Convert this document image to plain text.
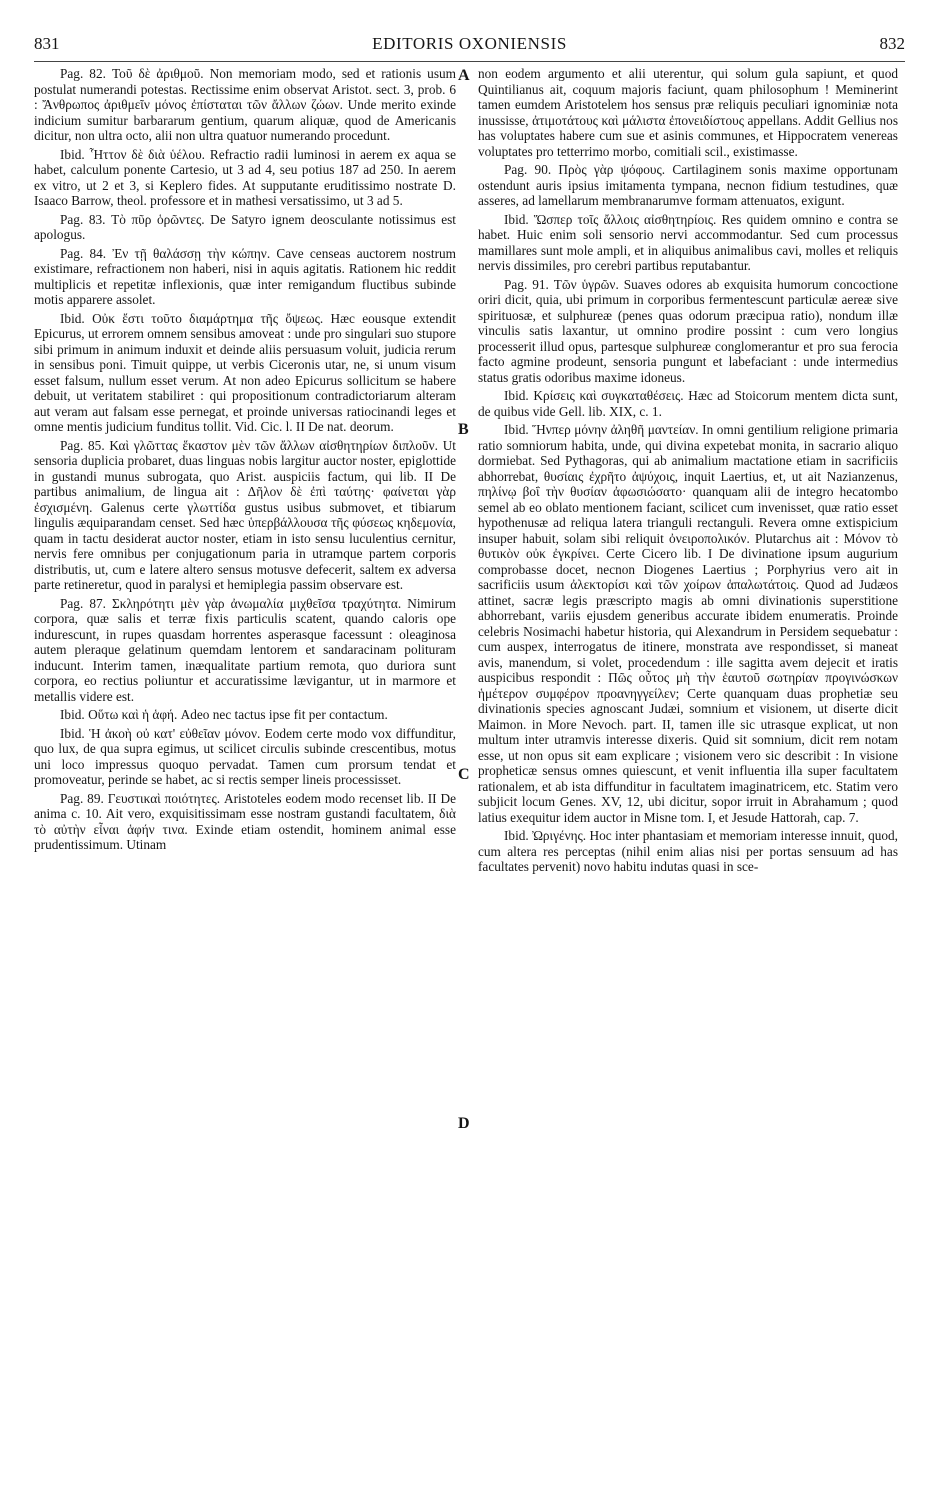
831	EDITORIS OXONIENSIS	832

Pag. 82. Τοῦ δὲ ἀριθμοῦ. Non memoriam modo, sed et rationis usum postulat numerandi potestas. Rectissime enim observat Aristot. sect. 3, prob. 6 : Ἄνθρωπος ἀριθμεῖν μόνος ἐπίσταται τῶν ἄλλων ζώων. Unde merito exinde indicium sumitur barbararum gentium, quarum aliquæ, quod de Americanis dicitur, non ultra octo, alii non ultra quatuor numerando procedunt.

Ibid. Ἧττον δὲ διὰ ὑέλου. Refractio radii luminosi in aerem ex aqua se habet, calculum ponente Cartesio, ut 3 ad 4, seu potius 187 ad 250. In aerem ex vitro, ut 2 et 3, si Keplero fides. At supputante eruditissimo nostrate D. Isaaco Barrow, theol. professore et in mathesi versatissimo, ut 3 ad 5.

Pag. 83. Τὸ πῦρ ὁρῶντες. De Satyro ignem deosculante notissimus est apologus.

Pag. 84. Ἐν τῇ θαλάσσῃ τὴν κώπην. Cave censeas auctorem nostrum existimare, refractionem non haberi, nisi in aquis agitatis. Rationem hic reddit multiplicis et repetitæ inflexionis, quæ inter remigandum fluctibus subinde motis apparere assolet.

Ibid. Οὐκ ἔστι τοῦτο διαμάρτημα τῆς ὄψεως. Hæc eousque extendit Epicurus, ut errorem omnem sensibus amoveat : unde pro singulari suo stupore sibi primum in animum induxit et deinde aliis persuasum voluit, judicia rerum in sensibus poni. Timuit quippe, ut verbis Ciceronis utar, ne, si unum visum esset falsum, nullum esset verum. At non adeo Epicurus sollicitum se habere debuit, ut veritatem stabiliret : qui propositionum contradictoriarum alteram aut veram aut falsam esse pernegat, et proinde universas ratiocinandi leges et omne mentis judicium funditus tollit. Vid. Cic. l. II De nat. deorum.

Pag. 85. Καὶ γλῶττας ἕκαστον μὲν τῶν ἄλλων αἰσθητηρίων διπλοῦν. Ut sensoria duplicia probaret, duas linguas nobis largitur auctor noster, epiglottide in gustandi munus subrogata, quo Arist. auspiciis factum, qui lib. II De partibus animalium, de lingua ait : Δῆλον δὲ ἐπὶ ταύτης· φαίνεται γὰρ ἐσχισμένη. Galenus certe γλωττίδα gustus usibus submovet, et tibiarum lingulis æquiparandam censet. Sed hæc ὑπερβάλλουσα τῆς φύσεως κηδεμονία, quam in tactu desiderat auctor noster, etiam in isto sensu luculentius cernitur, nervis fere omnibus per conjugationum paria in utramque partem corporis distributis, ut, cum e latere altero sensus motusve defecerit, saltem ex adversa parte retineretur, quod in paralysi et hemiplegia passim observare est.

Pag. 87. Σκληρότητι μὲν γὰρ ἀνωμαλία μιχθεῖσα τραχύτητα. Nimirum corpora, quæ salis et terræ fixis particulis scatent, quando caloris ope indurescunt, in rupes quasdam horrentes asperasque facessunt : oleaginosa autem pleraque gelatinum quemdam lentorem et sandaracinam polituram inducunt. Interim tamen, inæqualitate partium remota, quo duriora sunt corpora, eo rectius poliuntur et accuratissime lævigantur, ut in marmore et metallis videre est.

Ibid. Οὕτω καὶ ἡ ἁφή. Adeo nec tactus ipse fit per contactum.

Ibid. Ἡ ἀκοὴ οὐ κατ' εὐθεῖαν μόνον. Eodem certe modo vox diffunditur, quo lux, de qua supra egimus, ut scilicet circulis subinde crescentibus, motus uni loco impressus quoquo pervadat. Tamen cum prorsum tendat et promoveatur, perinde se habet, ac si rectis semper lineis processisset.

Pag. 89. Γευστικαὶ ποιότητες. Aristoteles eodem modo recenset lib. II De anima c. 10. Ait vero, exquisitissimam esse nostram gustandi facultatem, διὰ τὸ αὐτὴν εἶναι ἁφήν τινα. Exinde etiam ostendit, hominem animal esse prudentissimum. Utinam

A
B
C
D

non eodem argumento et alii uterentur, qui solum gula sapiunt, et quod Quintilianus ait, coquum majoris faciunt, quam philosophum ! Meminerint tamen eumdem Aristotelem hos sensus præ reliquis peculiari ignominiæ nota inussisse, ἀτιμοτάτους καὶ μάλιστα ἐπονειδίστους appellans. Addit Gellius nos has voluptates habere cum sue et asinis communes, et Hippocratem venereas voluptates pro tetterrimo morbo, comitiali scil., existimasse.

Pag. 90. Πρὸς γὰρ ψόφους. Cartilaginem sonis maxime opportunam ostendunt auris ipsius imitamenta tympana, necnon fidium testudines, quæ asseres, ad lamellarum membranarumve formam attenuatos, exigunt.

Ibid. Ὥσπερ τοῖς ἄλλοις αἰσθητηρίοις. Res quidem omnino e contra se habet. Huic enim soli sensorio nervi accommodantur. Sed cum processus mamillares sunt mole ampli, et in aliquibus animalibus cavi, molles et reliquis nervis dissimiles, pro cerebri partibus reputabantur.

Pag. 91. Τῶν ὑγρῶν. Suaves odores ab exquisita humorum concoctione oriri dicit, quia, ubi primum in corporibus fermentescunt particulæ aereæ sive spirituosæ, et sulphureæ (penes quas odorum præcipua ratio), nondum illæ vinculis satis laxantur, ut omnino prodire possint : cum vero longius processerit illud opus, partesque sulphureæ conglomerantur et pro sua ferocia facto agmine prodeunt, sensoria pungunt et labefaciant : unde intermedius status gratis odoribus maxime idoneus.

Ibid. Κρίσεις καὶ συγκαταθέσεις. Hæc ad Stoicorum mentem dicta sunt, de quibus vide Gell. lib. XIX, c. 1.

Ibid. Ἥνπερ μόνην ἀληθῆ μαντείαν. In omni gentilium religione primaria ratio somniorum habita, unde, qui divina expetebat monita, in sacrario aliquo dormiebat. Sed Pythagoras, qui ab animalium mactatione etiam in sacrificiis abhorrebat, θυσίαις ἐχρῆτο ἀψύχοις, inquit Laertius, et, ut ait Nazianzenus, πηλίνῳ βοΐ τὴν θυσίαν ἀφωσιώσατο· quanquam alii de integro hecatombo semel ab eo oblato mentionem faciant, scilicet cum invenisset, quæ ratio esset hypothenusæ ad reliqua latera trianguli rectanguli. Revera omne extispicium insuper habuit, solam sibi reliquit ὀνειροπολικόν. Plutarchus ait : Μόνον τὸ θυτικὸν οὐκ ἐγκρίνει. Certe Cicero lib. I De divinatione ipsum augurium comprobasse docet, necnon Diogenes Laertius ; Porphyrius vero ait in sacrificiis usum ἀλεκτορίσι καὶ τῶν χοίρων ἁπαλωτάτοις. Quod ad Judæos attinet, sacræ legis præscripto magis ab omni divinationis superstitione abhorrebant, variis ejusdem generibus accurate ibidem enumeratis. Proinde celebris Nosimachi habetur historia, qui Alexandrum in Persidem sequebatur : cum auspex, interrogatus de itinere, monstrata ave respondisset, si maneat avis, manendum, si volet, procedendum : ille sagitta avem dejecit et iratis auspicibus respondit : Πῶς οὗτος μὴ τὴν ἑαυτοῦ σωτηρίαν προγινώσκων ἡμέτερον συμφέρον προανηγγείλεν; Certe quanquam duas prophetiæ seu divinationis species agnoscant Judæi, somnium et visionem, ut diserte dicit Maimon. in More Nevoch. part. II, tamen ille sic utrasque explicat, ut non multum inter utramvis interesse dixeris. Quid sit somnium, dicit rem notam esse, ut non opus sit eam explicare ; visionem vero sic describit : In visione propheticæ sensus omnes quiescunt, et venit influentia illa super facultatem rationalem, et ab ista diffunditur in facultatem imaginatricem, etc. Statim vero subjicit locum Genes. XV, 12, ubi dicitur, sopor irruit in Abrahamum ; quod latius exequitur idem auctor in Misne tom. I, et Jesude Hattorah, cap. 7.

Ibid. Ὠριγένης. Hoc inter phantasiam et memoriam interesse innuit, quod, cum altera res perceptas (nihil enim alias nisi per portas sensuum ad has facultates pervenit) novo habitu indutas quasi in sce-
